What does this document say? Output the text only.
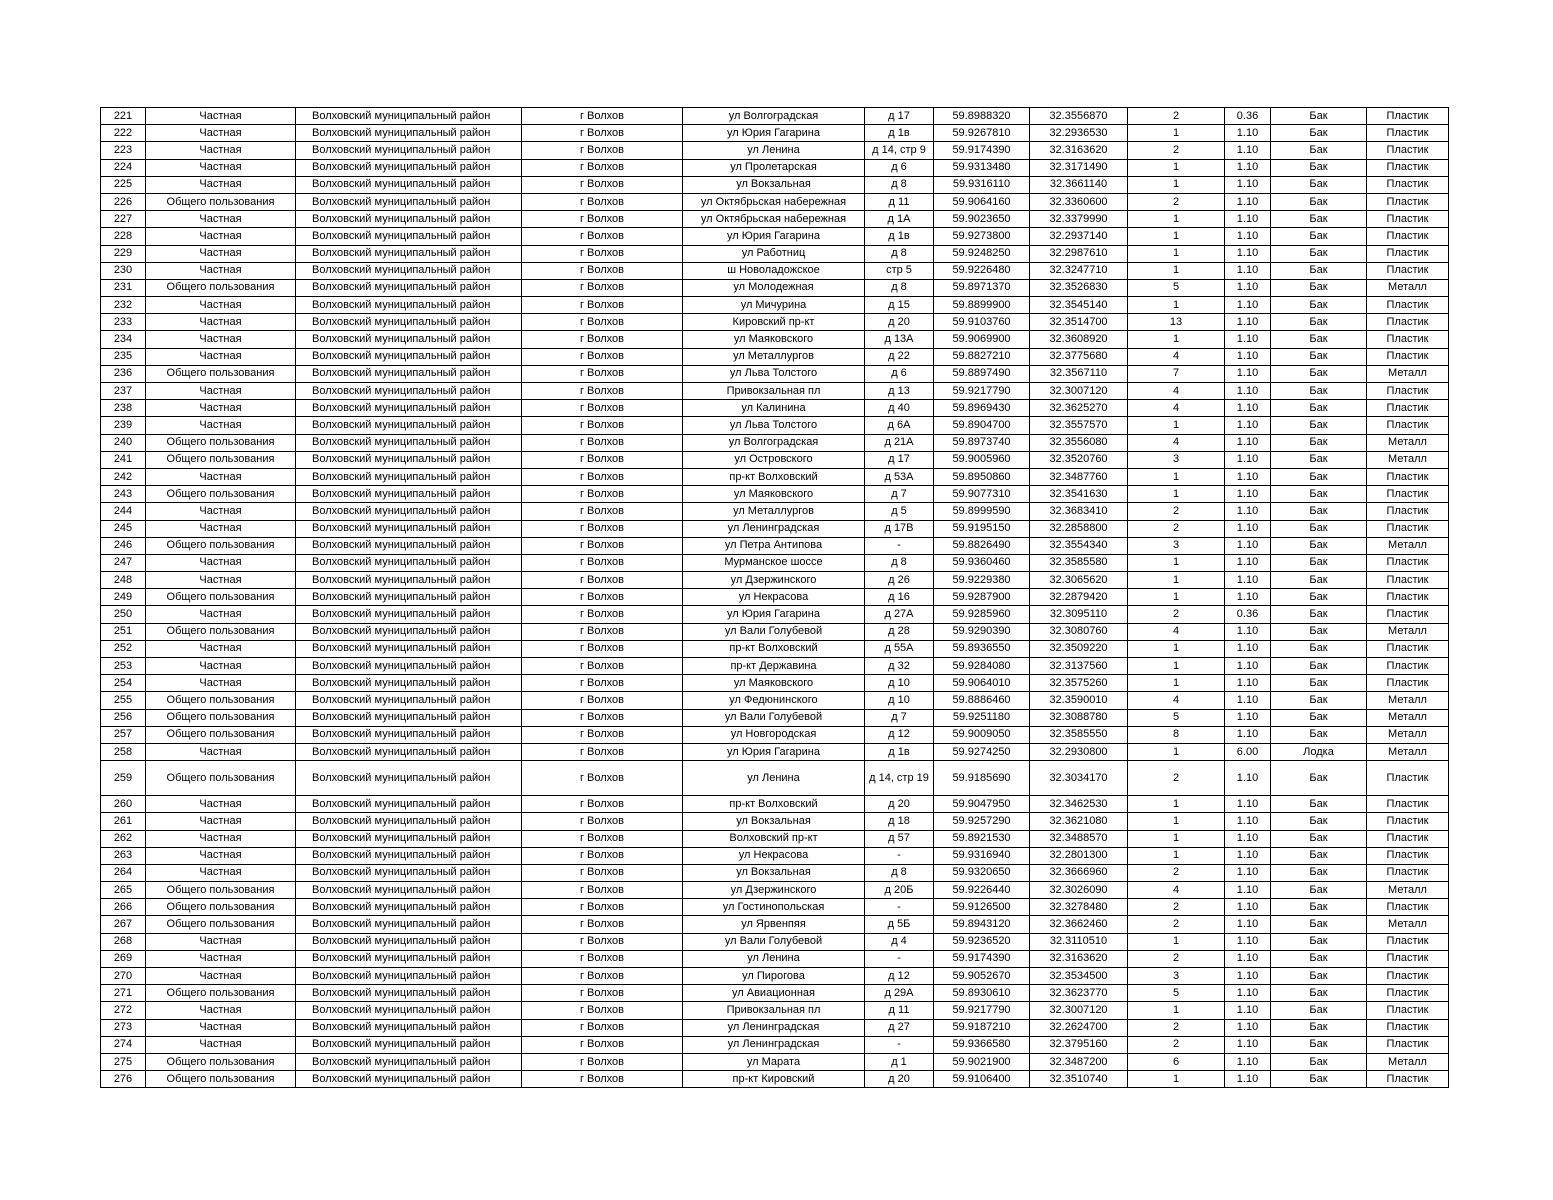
221	Частная	Волховский муниципальный район	г Волхов	ул Волгоградская	д 17	59.8988320	32.3556870	2	0.36	Бак	Пластик
222	Частная	Волховский муниципальный район	г Волхов	ул Юрия Гагарина	д 1в	59.9267810	32.2936530	1	1.10	Бак	Пластик
223	Частная	Волховский муниципальный район	г Волхов	ул Ленина	д 14, стр 9	59.9174390	32.3163620	2	1.10	Бак	Пластик
224	Частная	Волховский муниципальный район	г Волхов	ул Пролетарская	д 6	59.9313480	32.3171490	1	1.10	Бак	Пластик
225	Частная	Волховский муниципальный район	г Волхов	ул Вокзальная	д 8	59.9316110	32.3661140	1	1.10	Бак	Пластик
226	Общего пользования	Волховский муниципальный район	г Волхов	ул Октябрьская набережная	д 11	59.9064160	32.3360600	2	1.10	Бак	Пластик
227	Частная	Волховский муниципальный район	г Волхов	ул Октябрьская набережная	д 1А	59.9023650	32.3379990	1	1.10	Бак	Пластик
228	Частная	Волховский муниципальный район	г Волхов	ул Юрия Гагарина	д 1в	59.9273800	32.2937140	1	1.10	Бак	Пластик
229	Частная	Волховский муниципальный район	г Волхов	ул Работниц	д 8	59.9248250	32.2987610	1	1.10	Бак	Пластик
230	Частная	Волховский муниципальный район	г Волхов	ш Новоладожское	стр 5	59.9226480	32.3247710	1	1.10	Бак	Пластик
231	Общего пользования	Волховский муниципальный район	г Волхов	ул Молодежная	д 8	59.8971370	32.3526830	5	1.10	Бак	Металл
232	Частная	Волховский муниципальный район	г Волхов	ул Мичурина	д 15	59.8899900	32.3545140	1	1.10	Бак	Пластик
233	Частная	Волховский муниципальный район	г Волхов	Кировский пр-кт	д 20	59.9103760	32.3514700	13	1.10	Бак	Пластик
234	Частная	Волховский муниципальный район	г Волхов	ул Маяковского	д 13А	59.9069900	32.3608920	1	1.10	Бак	Пластик
235	Частная	Волховский муниципальный район	г Волхов	ул Металлургов	д 22	59.8827210	32.3775680	4	1.10	Бак	Пластик
236	Общего пользования	Волховский муниципальный район	г Волхов	ул Льва Толстого	д 6	59.8897490	32.3567110	7	1.10	Бак	Металл
237	Частная	Волховский муниципальный район	г Волхов	Привокзальная пл	д 13	59.9217790	32.3007120	4	1.10	Бак	Пластик
238	Частная	Волховский муниципальный район	г Волхов	ул Калинина	д 40	59.8969430	32.3625270	4	1.10	Бак	Пластик
239	Частная	Волховский муниципальный район	г Волхов	ул Льва Толстого	д 6А	59.8904700	32.3557570	1	1.10	Бак	Пластик
240	Общего пользования	Волховский муниципальный район	г Волхов	ул Волгоградская	д 21А	59.8973740	32.3556080	4	1.10	Бак	Металл
241	Общего пользования	Волховский муниципальный район	г Волхов	ул Островского	д 17	59.9005960	32.3520760	3	1.10	Бак	Металл
242	Частная	Волховский муниципальный район	г Волхов	пр-кт Волховский	д 53А	59.8950860	32.3487760	1	1.10	Бак	Пластик
243	Общего пользования	Волховский муниципальный район	г Волхов	ул Маяковского	д 7	59.9077310	32.3541630	1	1.10	Бак	Пластик
244	Частная	Волховский муниципальный район	г Волхов	ул Металлургов	д 5	59.8999590	32.3683410	2	1.10	Бак	Пластик
245	Частная	Волховский муниципальный район	г Волхов	ул Ленинградская	д 17В	59.9195150	32.2858800	2	1.10	Бак	Пластик
246	Общего пользования	Волховский муниципальный район	г Волхов	ул Петра Антипова	-	59.8826490	32.3554340	3	1.10	Бак	Металл
247	Частная	Волховский муниципальный район	г Волхов	Мурманское шоссе	д 8	59.9360460	32.3585580	1	1.10	Бак	Пластик
248	Частная	Волховский муниципальный район	г Волхов	ул Дзержинского	д 26	59.9229380	32.3065620	1	1.10	Бак	Пластик
249	Общего пользования	Волховский муниципальный район	г Волхов	ул Некрасова	д 16	59.9287900	32.2879420	1	1.10	Бак	Пластик
250	Частная	Волховский муниципальный район	г Волхов	ул Юрия Гагарина	д 27А	59.9285960	32.3095110	2	0.36	Бак	Пластик
251	Общего пользования	Волховский муниципальный район	г Волхов	ул Вали Голубевой	д 28	59.9290390	32.3080760	4	1.10	Бак	Металл
252	Частная	Волховский муниципальный район	г Волхов	пр-кт Волховский	д 55А	59.8936550	32.3509220	1	1.10	Бак	Пластик
253	Частная	Волховский муниципальный район	г Волхов	пр-кт Державина	д 32	59.9284080	32.3137560	1	1.10	Бак	Пластик
254	Частная	Волховский муниципальный район	г Волхов	ул Маяковского	д 10	59.9064010	32.3575260	1	1.10	Бак	Пластик
255	Общего пользования	Волховский муниципальный район	г Волхов	ул Федюнинского	д 10	59.8886460	32.3590010	4	1.10	Бак	Металл
256	Общего пользования	Волховский муниципальный район	г Волхов	ул Вали Голубевой	д 7	59.9251180	32.3088780	5	1.10	Бак	Металл
257	Общего пользования	Волховский муниципальный район	г Волхов	ул Новгородская	д 12	59.9009050	32.3585550	8	1.10	Бак	Металл
258	Частная	Волховский муниципальный район	г Волхов	ул Юрия Гагарина	д 1в	59.9274250	32.2930800	1	6.00	Лодка	Металл
259	Общего пользования	Волховский муниципальный район	г Волхов	ул Ленина	д 14, стр 19	59.9185690	32.3034170	2	1.10	Бак	Пластик
260	Частная	Волховский муниципальный район	г Волхов	пр-кт Волховский	д 20	59.9047950	32.3462530	1	1.10	Бак	Пластик
261	Частная	Волховский муниципальный район	г Волхов	ул Вокзальная	д 18	59.9257290	32.3621080	1	1.10	Бак	Пластик
262	Частная	Волховский муниципальный район	г Волхов	Волховский пр-кт	д 57	59.8921530	32.3488570	1	1.10	Бак	Пластик
263	Частная	Волховский муниципальный район	г Волхов	ул Некрасова	-	59.9316940	32.2801300	1	1.10	Бак	Пластик
264	Частная	Волховский муниципальный район	г Волхов	ул Вокзальная	д 8	59.9320650	32.3666960	2	1.10	Бак	Пластик
265	Общего пользования	Волховский муниципальный район	г Волхов	ул Дзержинского	д 20Б	59.9226440	32.3026090	4	1.10	Бак	Металл
266	Общего пользования	Волховский муниципальный район	г Волхов	ул Гостинопольская	-	59.9126500	32.3278480	2	1.10	Бак	Пластик
267	Общего пользования	Волховский муниципальный район	г Волхов	ул Ярвенпяя	д 5Б	59.8943120	32.3662460	2	1.10	Бак	Металл
268	Частная	Волховский муниципальный район	г Волхов	ул Вали Голубевой	д 4	59.9236520	32.3110510	1	1.10	Бак	Пластик
269	Частная	Волховский муниципальный район	г Волхов	ул Ленина	-	59.9174390	32.3163620	2	1.10	Бак	Пластик
270	Частная	Волховский муниципальный район	г Волхов	ул Пирогова	д 12	59.9052670	32.3534500	3	1.10	Бак	Пластик
271	Общего пользования	Волховский муниципальный район	г Волхов	ул Авиационная	д 29А	59.8930610	32.3623770	5	1.10	Бак	Пластик
272	Частная	Волховский муниципальный район	г Волхов	Привокзальная пл	д 11	59.9217790	32.3007120	1	1.10	Бак	Пластик
273	Частная	Волховский муниципальный район	г Волхов	ул Ленинградская	д 27	59.9187210	32.2624700	2	1.10	Бак	Пластик
274	Частная	Волховский муниципальный район	г Волхов	ул Ленинградская	-	59.9366580	32.3795160	2	1.10	Бак	Пластик
275	Общего пользования	Волховский муниципальный район	г Волхов	ул Марата	д 1	59.9021900	32.3487200	6	1.10	Бак	Металл
276	Общего пользования	Волховский муниципальный район	г Волхов	пр-кт Кировский	д 20	59.9106400	32.3510740	1	1.10	Бак	Пластик
